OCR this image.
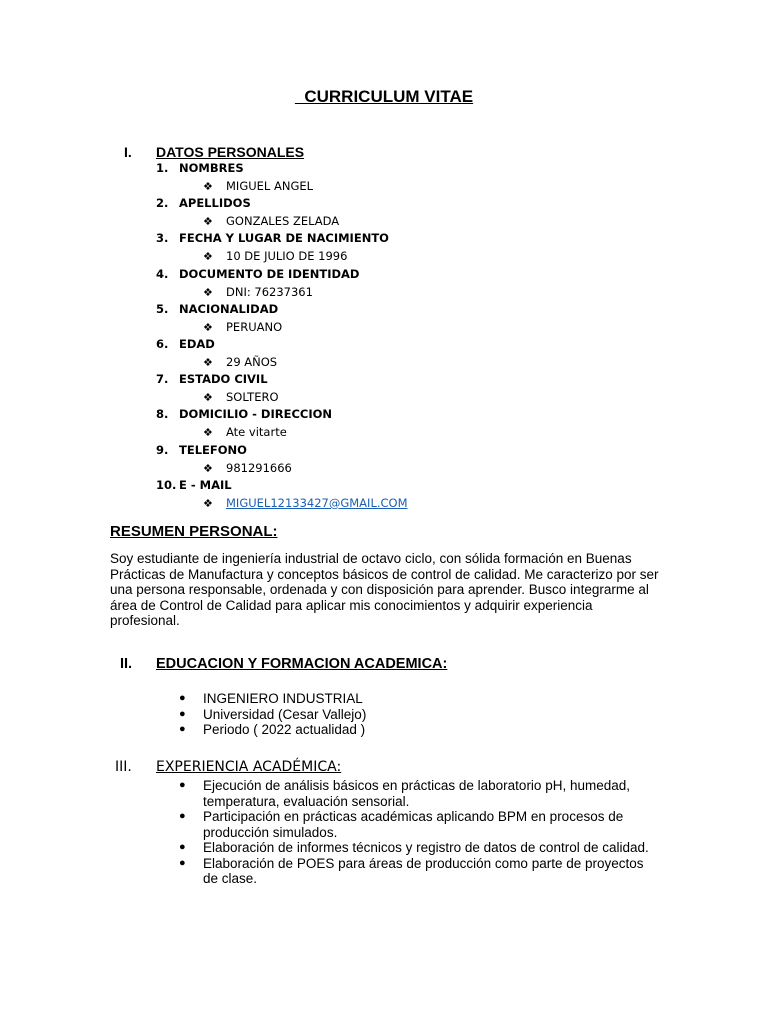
CURRICULUM VITAE
I. DATOS PERSONALES
1. NOMBRES
❖ MIGUEL ANGEL
2. APELLIDOS
❖ GONZALES ZELADA
3. FECHA Y LUGAR DE NACIMIENTO
❖ 10 DE JULIO DE 1996
4. DOCUMENTO DE IDENTIDAD
❖ DNI: 76237361
5. NACIONALIDAD
❖ PERUANO
6. EDAD
❖ 29 AÑOS
7. ESTADO CIVIL
❖ SOLTERO
8. DOMICILIO - DIRECCION
❖ Ate vitarte
9. TELEFONO
❖ 981291666
10. E - MAIL
❖ MIGUEL12133427@GMAIL.COM
RESUMEN PERSONAL:
Soy estudiante de ingeniería industrial de octavo ciclo, con sólida formación en Buenas Prácticas de Manufactura y conceptos básicos de control de calidad. Me caracterizo por ser una persona responsable, ordenada y con disposición para aprender. Busco integrarme al área de Control de Calidad para aplicar mis conocimientos y adquirir experiencia profesional.
II. EDUCACION Y FORMACION ACADEMICA:
● INGENIERO INDUSTRIAL
● Universidad (Cesar Vallejo)
● Periodo ( 2022 actualidad )
III. EXPERIENCIA ACADÉMICA:
● Ejecución de análisis básicos en prácticas de laboratorio pH, humedad, temperatura, evaluación sensorial.
● Participación en prácticas académicas aplicando BPM en procesos de producción simulados.
● Elaboración de informes técnicos y registro de datos de control de calidad.
● Elaboración de POES para áreas de producción como parte de proyectos de clase.
